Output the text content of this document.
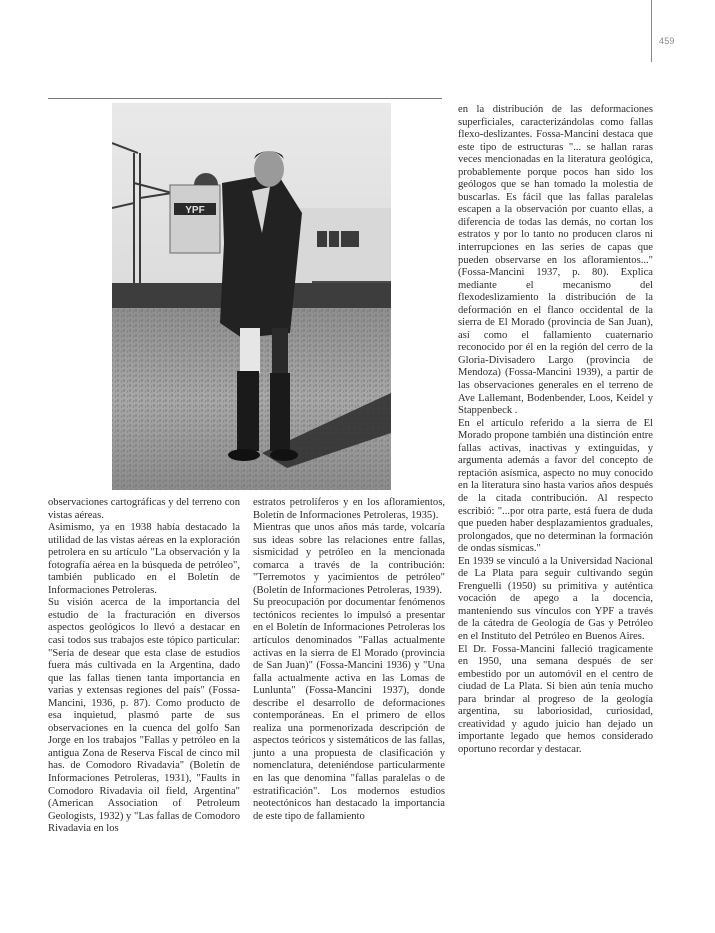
459
YPF

observaciones cartográficas y del terreno con vistas aéreas.

Asimismo, ya en 1938 había destacado la utilidad de las vistas aéreas en la exploración petrolera en su artículo "La observación y la fotografía aérea en la búsqueda de petróleo", también publicado en el Boletín de Informaciones Petroleras.

Su visión acerca de la importancia del estudio de la fracturación en diversos aspectos geológicos lo llevó a destacar en casi todos sus trabajos este tópico particular: "Sería de desear que esta clase de estudios fuera más cultivada en la Argentina, dado que las fallas tienen tanta importancia en varias y extensas regiones del país" (Fossa-Mancini, 1936, p. 87). Como producto de esa inquietud, plasmó parte de sus observaciones en la cuenca del golfo San Jorge en los trabajos "Fallas y petróleo en la antigua Zona de Reserva Fiscal de cinco mil has. de Comodoro Rivadavia" (Boletín de Informaciones Petroleras, 1931), "Faults in Comodoro Rivadavia oil field, Argentina" (American Association of Petroleum Geologists, 1932) y "Las fallas de Comodoro Rivadavia en los

estratos petrolíferos y en los afloramientos, Boletín de Informaciones Petroleras, 1935).

Mientras que unos años más tarde, volcaría sus ideas sobre las relaciones entre fallas, sismicidad y petróleo en la mencionada comarca a través de la contribución: "Terremotos y yacimientos de petróleo" (Boletín de Informaciones Petroleras, 1939).

Su preocupación por documentar fenómenos tectónicos recientes lo impulsó a presentar en el Boletín de Informaciones Petroleras los artículos denominados "Fallas actualmente activas en la sierra de El Morado (provincia de San Juan)" (Fossa-Mancini 1936) y "Una falla actualmente activa en las Lomas de Lunlunta" (Fossa-Mancini 1937), donde describe el desarrollo de deformaciones contemporáneas. En el primero de ellos realiza una pormenorizada descripción de aspectos teóricos y sistemáticos de las fallas, junto a una propuesta de clasificación y nomenclatura, deteniéndose particularmente en las que denomina "fallas paralelas o de estratificación". Los modernos estudios neotectónicos han destacado la importancia de este tipo de fallamiento

en la distribución de las deformaciones superficiales, caracterizándolas como fallas flexo-deslizantes. Fossa-Mancini destaca que este tipo de estructuras "... se hallan raras veces mencionadas en la literatura geológica, probablemente porque pocos han sido los geólogos que se han tomado la molestia de buscarlas. Es fácil que las fallas paralelas escapen a la observación por cuanto ellas, a diferencia de todas las demás, no cortan los estratos y por lo tanto no producen claros ni interrupciones en las series de capas que pueden observarse en los afloramientos..." (Fossa-Mancini 1937, p. 80). Explica mediante el mecanismo del flexodeslizamiento la distribución de la deformación en el flanco occidental de la sierra de El Morado (provincia de San Juan), así como el fallamiento cuaternario reconocido por él en la región del cerro de la Gloria-Divisadero Largo (provincia de Mendoza) (Fossa-Mancini 1939), a partir de las observaciones generales en el terreno de Ave Lallemant, Bodenbender, Loos, Keidel y Stappenbeck .

En el artículo referido a la sierra de El Morado propone también una distinción entre fallas activas, inactivas y extinguidas, y argumenta además a favor del concepto de reptación asísmica, aspecto no muy conocido en la literatura sino hasta varios años después de la citada contribución. Al respecto escribió: "...por otra parte, está fuera de duda que pueden haber desplazamientos graduales, prolongados, que no determinan la formación de ondas sísmicas."

En 1939 se vinculó a la Universidad Nacional de La Plata para seguir cultivando según Frenguelli (1950) su primitiva y auténtica vocación de apego a la docencia, manteniendo sus vínculos con YPF a través de la cátedra de Geología de Gas y Petróleo en el Instituto del Petróleo en Buenos Aires.

El Dr. Fossa-Mancini falleció tragicamente en 1950, una semana después de ser embestido por un automóvil en el centro de ciudad de La Plata. Si bien aún tenía mucho para brindar al progreso de la geología argentina, su laboriosidad, curiosidad, creatividad y agudo juicio han dejado un importante legado que hemos considerado oportuno recordar y destacar.
